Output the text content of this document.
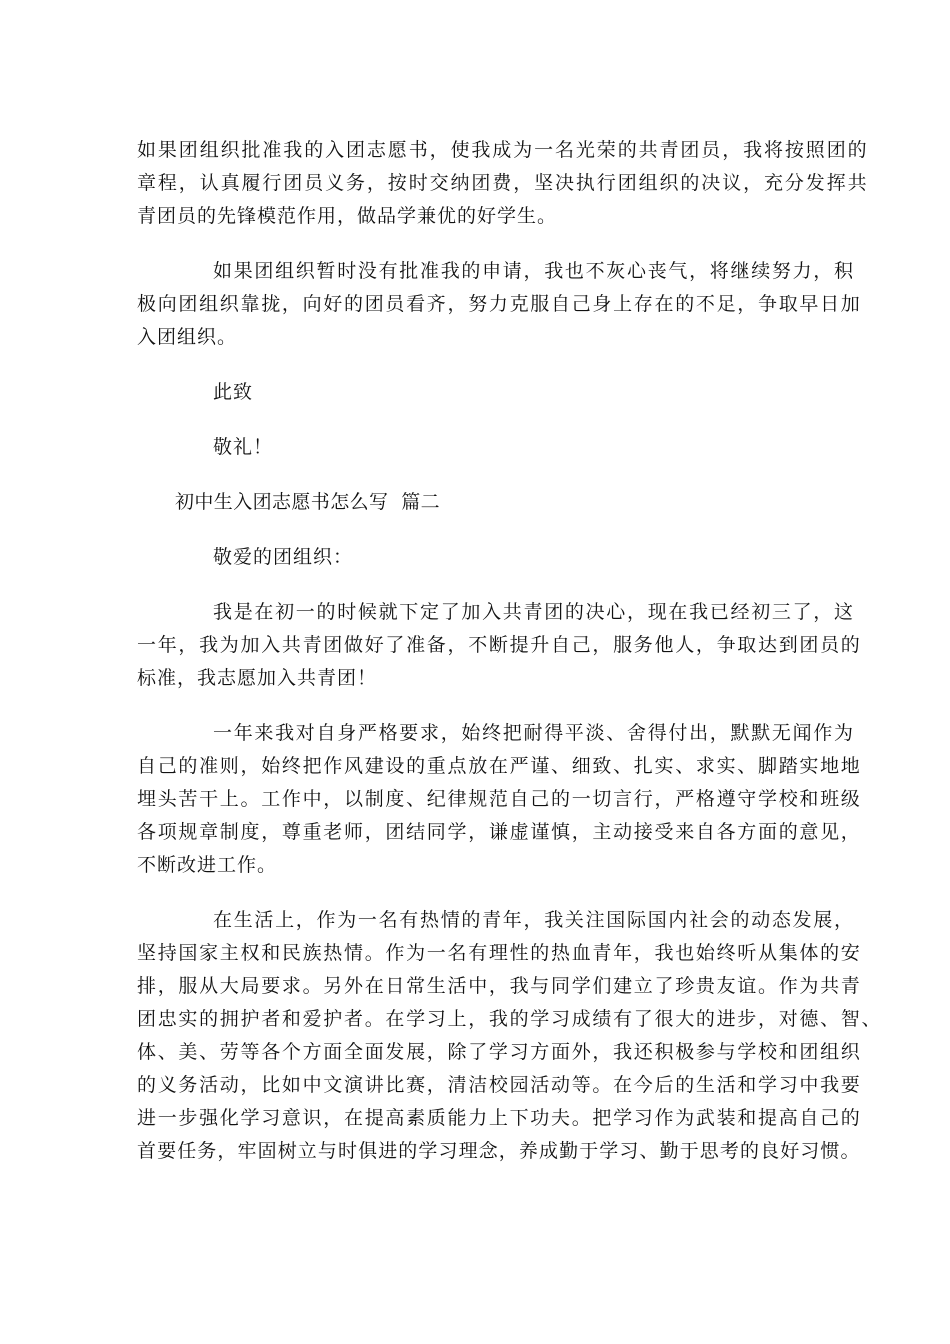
如果团组织批准我的入团志愿书，使我成为一名光荣的共青团员，我将按照团的

章程，认真履行团员义务，按时交纳团费，坚决执行团组织的决议，充分发挥共

青团员的先锋模范作用，做品学兼优的好学生。

如果团组织暂时没有批准我的申请，我也不灰心丧气，将继续努力，积

极向团组织靠拢，向好的团员看齐，努力克服自己身上存在的不足，争取早日加

入团组织。

此致

敬礼！

初中生入团志愿书怎么写  篇二

敬爱的团组织：

我是在初一的时候就下定了加入共青团的决心，现在我已经初三了，这

一年，我为加入共青团做好了准备，不断提升自己，服务他人，争取达到团员的

标准，我志愿加入共青团！

一年来我对自身严格要求，始终把耐得平淡、舍得付出，默默无闻作为

自己的准则，始终把作风建设的重点放在严谨、细致、扎实、求实、脚踏实地地

埋头苦干上。工作中，以制度、纪律规范自己的一切言行，严格遵守学校和班级

各项规章制度，尊重老师，团结同学，谦虚谨慎，主动接受来自各方面的意见，

不断改进工作。

在生活上，作为一名有热情的青年，我关注国际国内社会的动态发展，

坚持国家主权和民族热情。作为一名有理性的热血青年，我也始终听从集体的安

排，服从大局要求。另外在日常生活中，我与同学们建立了珍贵友谊。作为共青

团忠实的拥护者和爱护者。在学习上，我的学习成绩有了很大的进步，对德、智、

体、美、劳等各个方面全面发展，除了学习方面外，我还积极参与学校和团组织

的义务活动，比如中文演讲比赛，清洁校园活动等。在今后的生活和学习中我要

进一步强化学习意识，在提高素质能力上下功夫。把学习作为武装和提高自己的

首要任务，牢固树立与时俱进的学习理念，养成勤于学习、勤于思考的良好习惯。
